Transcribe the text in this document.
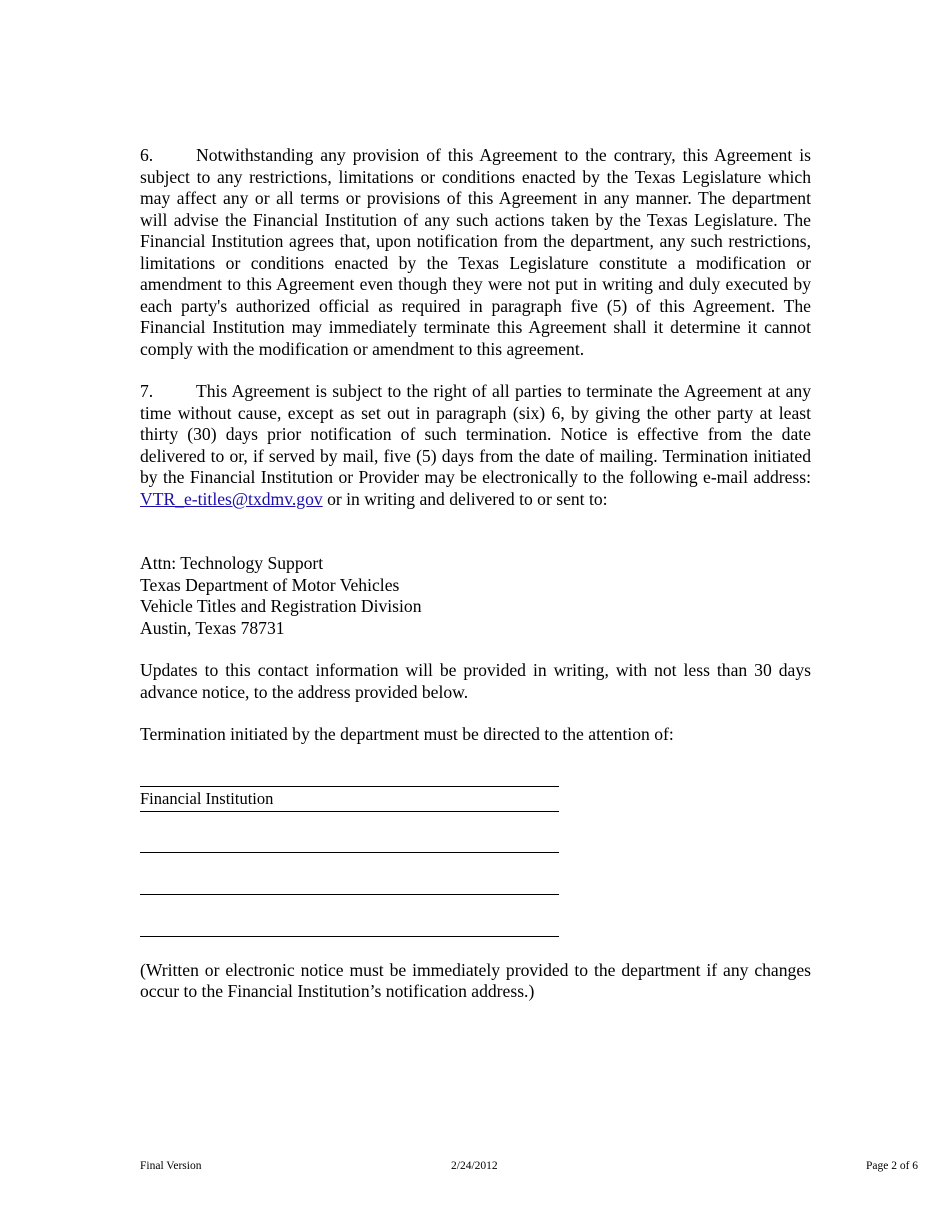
6. Notwithstanding any provision of this Agreement to the contrary, this Agreement is subject to any restrictions, limitations or conditions enacted by the Texas Legislature which may affect any or all terms or provisions of this Agreement in any manner. The department will advise the Financial Institution of any such actions taken by the Texas Legislature. The Financial Institution agrees that, upon notification from the department, any such restrictions, limitations or conditions enacted by the Texas Legislature constitute a modification or amendment to this Agreement even though they were not put in writing and duly executed by each party's authorized official as required in paragraph five (5) of this Agreement. The Financial Institution may immediately terminate this Agreement shall it determine it cannot comply with the modification or amendment to this agreement.

7. This Agreement is subject to the right of all parties to terminate the Agreement at any time without cause, except as set out in paragraph (six) 6, by giving the other party at least thirty (30) days prior notification of such termination. Notice is effective from the date delivered to or, if served by mail, five (5) days from the date of mailing. Termination initiated by the Financial Institution or Provider may be electronically to the following e-mail address: VTR_e-titles@txdmv.gov or in writing and delivered to or sent to:

Attn: Technology Support
Texas Department of Motor Vehicles
Vehicle Titles and Registration Division
Austin, Texas 78731

Updates to this contact information will be provided in writing, with not less than 30 days advance notice, to the address provided below.

Termination initiated by the department must be directed to the attention of:

Financial Institution

(Written or electronic notice must be immediately provided to the department if any changes occur to the Financial Institution’s notification address.)

Final Version	2/24/2012	Page 2 of 6
